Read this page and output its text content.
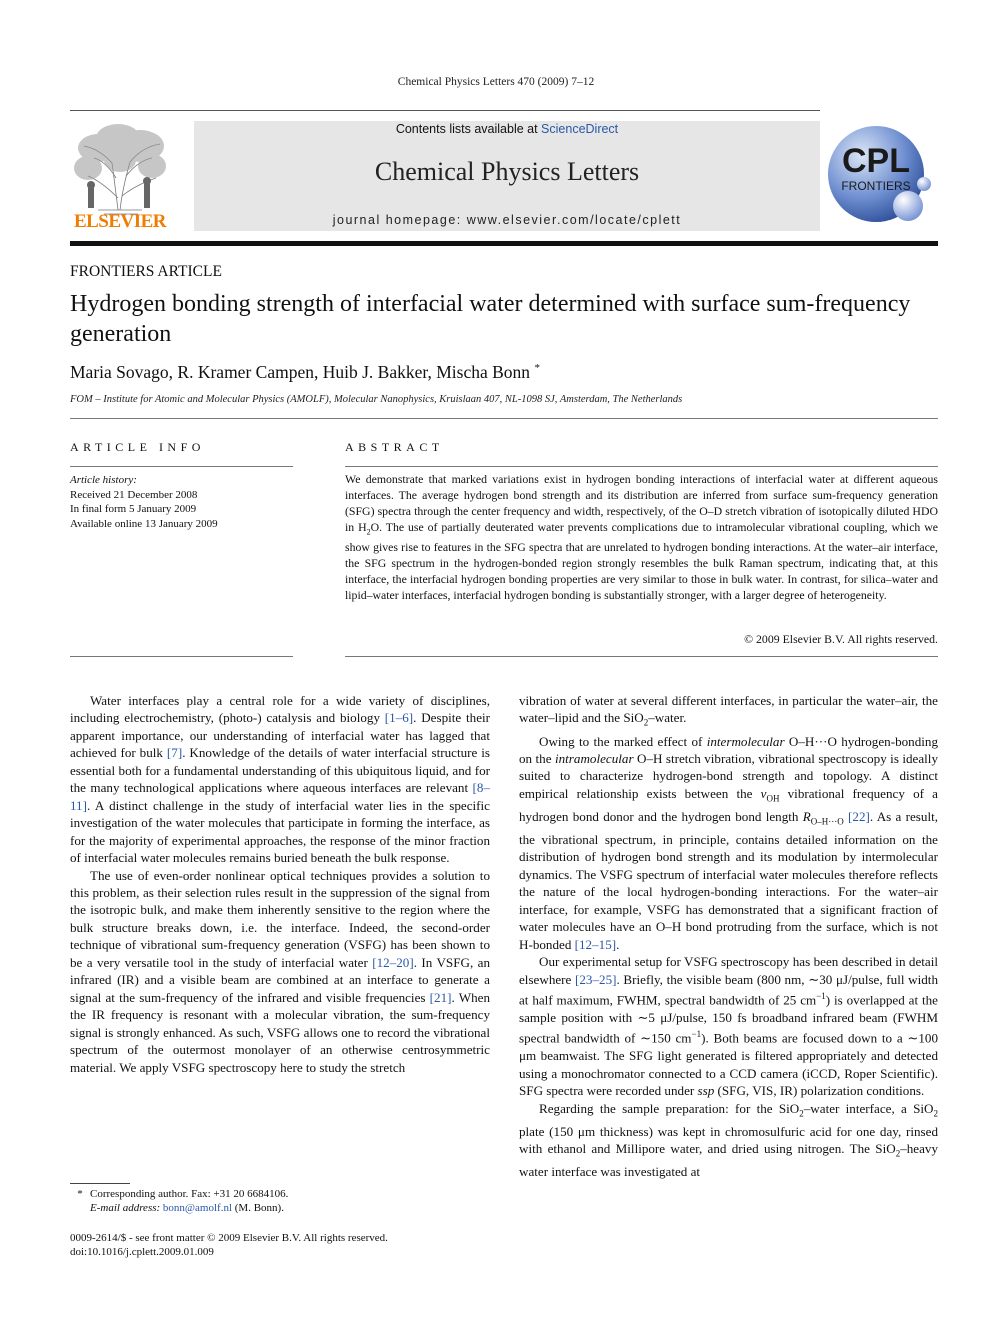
Chemical Physics Letters 470 (2009) 7–12
ELSEVIER
Contents lists available at ScienceDirect
Chemical Physics Letters
journal homepage: www.elsevier.com/locate/cplett
CPL
FRONTIERS
FRONTIERS ARTICLE
Hydrogen bonding strength of interfacial water determined with surface sum-frequency generation
Maria Sovago, R. Kramer Campen, Huib J. Bakker, Mischa Bonn *
FOM – Institute for Atomic and Molecular Physics (AMOLF), Molecular Nanophysics, Kruislaan 407, NL-1098 SJ, Amsterdam, The Netherlands
ARTICLE INFO	ABSTRACT
Article history:
Received 21 December 2008
In final form 5 January 2009
Available online 13 January 2009
We demonstrate that marked variations exist in hydrogen bonding interactions of interfacial water at different aqueous interfaces. The average hydrogen bond strength and its distribution are inferred from surface sum-frequency generation (SFG) spectra through the center frequency and width, respectively, of the O–D stretch vibration of isotopically diluted HDO in $H_2O$. The use of partially deuterated water prevents complications due to intramolecular vibrational coupling, which we show gives rise to features in the SFG spectra that are unrelated to hydrogen bonding interactions. At the water–air interface, the SFG spectrum in the hydrogen-bonded region strongly resembles the bulk Raman spectrum, indicating that, at this interface, the interfacial hydrogen bonding properties are very similar to those in bulk water. In contrast, for silica–water and lipid–water interfaces, interfacial hydrogen bonding is substantially stronger, with a larger degree of heterogeneity.
© 2009 Elsevier B.V. All rights reserved.

Water interfaces play a central role for a wide variety of disciplines, including electrochemistry, (photo-) catalysis and biology [1–6]. Despite their apparent importance, our understanding of interfacial water has lagged that achieved for bulk [7]. Knowledge of the details of water interfacial structure is essential both for a fundamental understanding of this ubiquitous liquid, and for the many technological applications where aqueous interfaces are relevant [8–11]. A distinct challenge in the study of interfacial water lies in the specific investigation of the water molecules that participate in forming the interface, as for the majority of experimental approaches, the response of the minor fraction of interfacial water molecules remains buried beneath the bulk response.

The use of even-order nonlinear optical techniques provides a solution to this problem, as their selection rules result in the suppression of the signal from the isotropic bulk, and make them inherently sensitive to the region where the bulk structure breaks down, i.e. the interface. Indeed, the second-order technique of vibrational sum-frequency generation (VSFG) has been shown to be a very versatile tool in the study of interfacial water [12–20]. In VSFG, an infrared (IR) and a visible beam are combined at an interface to generate a signal at the sum-frequency of the infrared and visible frequencies [21]. When the IR frequency is resonant with a molecular vibration, the sum-frequency signal is strongly enhanced. As such, VSFG allows one to record the vibrational spectrum of the outermost monolayer of an otherwise centrosymmetric material. We apply VSFG spectroscopy here to study the stretch

vibration of water at several different interfaces, in particular the water–air, the water–lipid and the SiO$_2$–water.

Owing to the marked effect of intermolecular O–H···O hydrogen-bonding on the intramolecular O–H stretch vibration, vibrational spectroscopy is ideally suited to characterize hydrogen-bond strength and topology. A distinct empirical relationship exists between the $\nu_{OH}$ vibrational frequency of a hydrogen bond donor and the hydrogen bond length $R_{O-H\cdot\cdot\cdot O}$ [22]. As a result, the vibrational spectrum, in principle, contains detailed information on the distribution of hydrogen bond strength and its modulation by intermolecular dynamics. The VSFG spectrum of interfacial water molecules therefore reflects the nature of the local hydrogen-bonding interactions. For the water–air interface, for example, VSFG has demonstrated that a significant fraction of water molecules have an O–H bond protruding from the surface, which is not H-bonded [12–15].

Our experimental setup for VSFG spectroscopy has been described in detail elsewhere [23–25]. Briefly, the visible beam (800 nm, ∼30 μJ/pulse, full width at half maximum, FWHM, spectral bandwidth of 25 $cm^{-1}$) is overlapped at the sample position with ∼5 μJ/pulse, 150 fs broadband infrared beam (FWHM spectral bandwidth of ∼150 $cm^{-1}$). Both beams are focused down to a ∼100 μm beamwaist. The SFG light generated is filtered appropriately and detected using a monochromator connected to a CCD camera (iCCD, Roper Scientific). SFG spectra were recorded under ssp (SFG, VIS, IR) polarization conditions.

Regarding the sample preparation: for the SiO$_2$–water interface, a SiO$_2$ plate (150 μm thickness) was kept in chromosulfuric acid for one day, rinsed with ethanol and Millipore water, and dried using nitrogen. The SiO$_2$–heavy water interface was investigated at

* Corresponding author. Fax: +31 20 6684106.
E-mail address: bonn@amolf.nl (M. Bonn).
0009-2614/$ - see front matter © 2009 Elsevier B.V. All rights reserved.
doi:10.1016/j.cplett.2009.01.009
